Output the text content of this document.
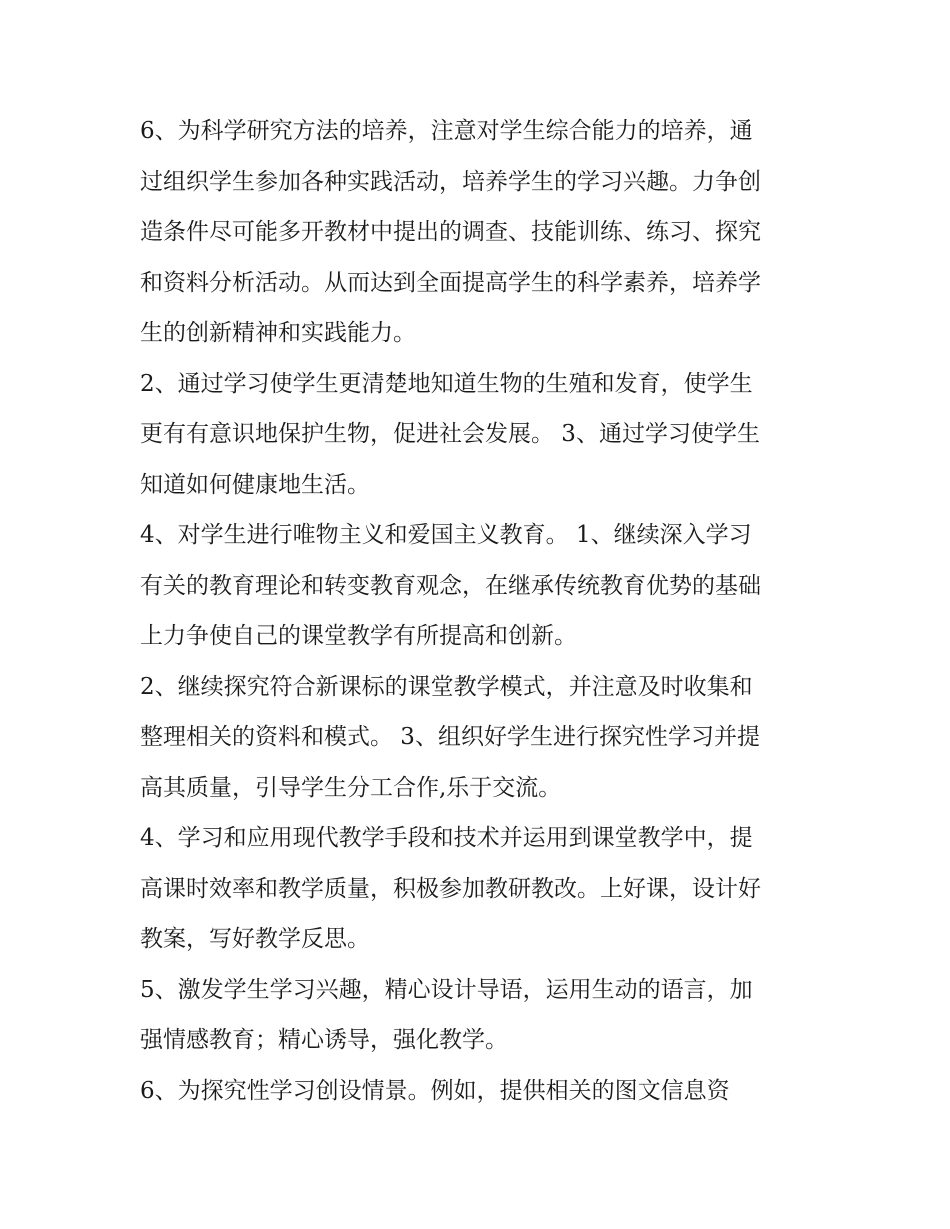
6、为科学研究方法的培养，注意对学生综合能力的培养，通
过组织学生参加各种实践活动，培养学生的学习兴趣。力争创
造条件尽可能多开教材中提出的调查、技能训练、练习、探究
和资料分析活动。从而达到全面提高学生的科学素养，培养学
生的创新精神和实践能力。
2、通过学习使学生更清楚地知道生物的生殖和发育，使学生
更有有意识地保护生物，促进社会发展。 3、通过学习使学生
知道如何健康地生活。
4、对学生进行唯物主义和爱国主义教育。 1、继续深入学习
有关的教育理论和转变教育观念，在继承传统教育优势的基础
上力争使自己的课堂教学有所提高和创新。
2、继续探究符合新课标的课堂教学模式，并注意及时收集和
整理相关的资料和模式。 3、组织好学生进行探究性学习并提
高其质量，引导学生分工合作,乐于交流。
4、学习和应用现代教学手段和技术并运用到课堂教学中，提
高课时效率和教学质量，积极参加教研教改。上好课，设计好
教案，写好教学反思。
5、激发学生学习兴趣，精心设计导语，运用生动的语言，加
强情感教育；精心诱导，强化教学。
6、为探究性学习创设情景。例如，提供相关的图文信息资
